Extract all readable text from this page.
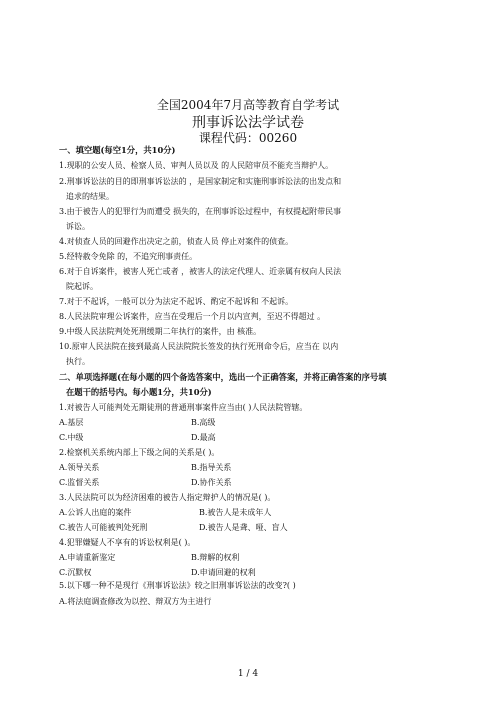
全国2004年7月高等教育自学考试
刑事诉讼法学试卷
课程代码：00260
一、填空题(每空1分，共10分)
1.现职的公安人员、检察人员、审判人员以及 的人民陪审员不能充当辩护人。
2.刑事诉讼法的目的即刑事诉讼法的 ，是国家制定和实施刑事诉讼法的出发点和
追求的结果。
3.由于被告人的犯罪行为而遭受 损失的，在刑事诉讼过程中，有权提起附带民事
诉讼。
4.对侦查人员的回避作出决定之前，侦查人员 停止对案件的侦查。
5.经特赦令免除 的，不追究刑事责任。
6.对于自诉案件，被害人死亡或者 ，被害人的法定代理人、近亲属有权向人民法
院起诉。
7.对于不起诉，一般可以分为法定不起诉、酌定不起诉和 不起诉。
8.人民法院审理公诉案件，应当在受理后一个月以内宣判，至迟不得超过 。
9.中级人民法院判处死刑缓期二年执行的案件，由 核准。
10.原审人民法院在接到最高人民法院院长签发的执行死刑命令后，应当在 以内
执行。
二、单项选择题(在每小题的四个备选答案中，选出一个正确答案，并将正确答案的序号填
在题干的括号内。每小题1分，共10分)
1.对被告人可能判处无期徒刑的普通刑事案件应当由( )人民法院管辖。
A.基层	B.高级
C.中级	D.最高
2.检察机关系统内部上下级之间的关系是( )。
A.领导关系	B.指导关系
C.监督关系	D.协作关系
3.人民法院可以为经济困难的被告人指定辩护人的情况是( )。
A.公诉人出庭的案件	B.被告人是未成年人
C.被告人可能被判处死刑	D.被告人是聋、哑、盲人
4.犯罪嫌疑人不享有的诉讼权利是( )。
A.申请重新鉴定	B.辩解的权利
C.沉默权	D.申请回避的权利
5.以下哪一种不是现行《刑事诉讼法》较之旧刑事诉讼法的改变?( )
A.将法庭调查修改为以控、辩双方为主进行
1 / 4
